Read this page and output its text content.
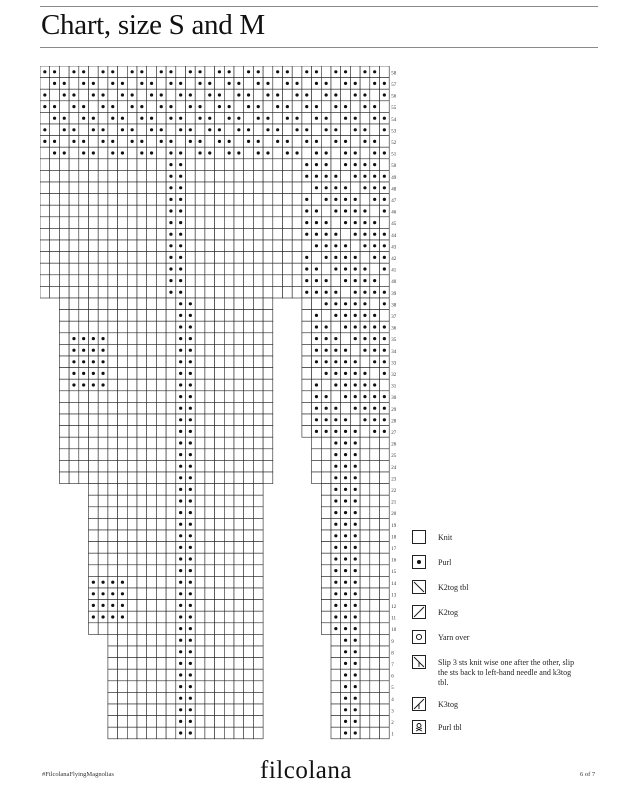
Chart, size S and M
58
57
56
55
54
53
52
51
50
49
48
47
46
45
44
43
42
41
40
39
38
37
36
35
34
33
32
31
30
29
28
27
26
25
24
23
22
21
20
19
18
17
16
15
14
13
12
11
10
9
8
7
6
5
4
3
2
1
Knit
Purl
K2tog tbl
K2tog
Yarn over
Slip 3 sts knit wise one after the other, slip the sts back to left-hand needle and k3tog tbl.
K3tog
Purl tbl
#FilcolanaFlyingMagnolias	filcolana	6 of 7
